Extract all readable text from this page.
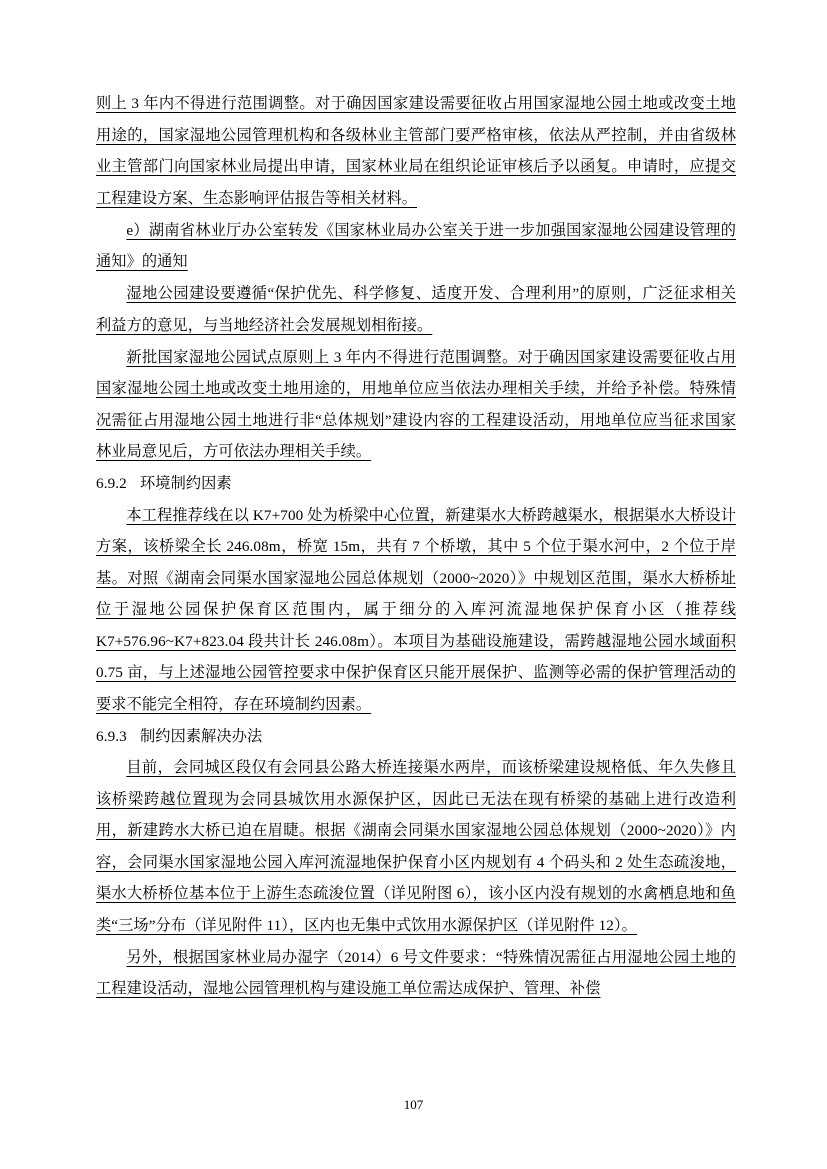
则上 3 年内不得进行范围调整。对于确因国家建设需要征收占用国家湿地公园土地或改变土地用途的，国家湿地公园管理机构和各级林业主管部门要严格审核，依法从严控制，并由省级林业主管部门向国家林业局提出申请，国家林业局在组织论证审核后予以函复。申请时，应提交工程建设方案、生态影响评估报告等相关材料。

e）湖南省林业厅办公室转发《国家林业局办公室关于进一步加强国家湿地公园建设管理的通知》的通知

湿地公园建设要遵循“保护优先、科学修复、适度开发、合理利用”的原则，广泛征求相关利益方的意见，与当地经济社会发展规划相衔接。

新批国家湿地公园试点原则上 3 年内不得进行范围调整。对于确因国家建设需要征收占用国家湿地公园土地或改变土地用途的，用地单位应当依法办理相关手续，并给予补偿。特殊情况需征占用湿地公园土地进行非“总体规划”建设内容的工程建设活动，用地单位应当征求国家林业局意见后，方可依法办理相关手续。

6.9.2 环境制约因素

本工程推荐线在以 K7+700 处为桥梁中心位置，新建渠水大桥跨越渠水，根据渠水大桥设计方案，该桥梁全长 246.08m，桥宽 15m，共有 7 个桥墩，其中 5 个位于渠水河中，2 个位于岸基。对照《湖南会同渠水国家湿地公园总体规划（2000~2020）》中规划区范围，渠水大桥桥址位于湿地公园保护保育区范围内，属于细分的入库河流湿地保护保育小区（推荐线 K7+576.96~K7+823.04 段共计长 246.08m）。本项目为基础设施建设，需跨越湿地公园水域面积 0.75 亩，与上述湿地公园管控要求中保护保育区只能开展保护、监测等必需的保护管理活动的要求不能完全相符，存在环境制约因素。

6.9.3 制约因素解决办法

目前，会同城区段仅有会同县公路大桥连接渠水两岸，而该桥梁建设规格低、年久失修且该桥梁跨越位置现为会同县城饮用水源保护区，因此已无法在现有桥梁的基础上进行改造利用，新建跨水大桥已迫在眉睫。根据《湖南会同渠水国家湿地公园总体规划（2000~2020）》内容，会同渠水国家湿地公园入库河流湿地保护保育小区内规划有 4 个码头和 2 处生态疏浚地，渠水大桥桥位基本位于上游生态疏浚位置（详见附图 6），该小区内没有规划的水禽栖息地和鱼类“三场”分布（详见附件 11），区内也无集中式饮用水源保护区（详见附件 12）。

另外，根据国家林业局办湿字（2014）6 号文件要求：“特殊情况需征占用湿地公园土地的工程建设活动，湿地公园管理机构与建设施工单位需达成保护、管理、补偿

107
